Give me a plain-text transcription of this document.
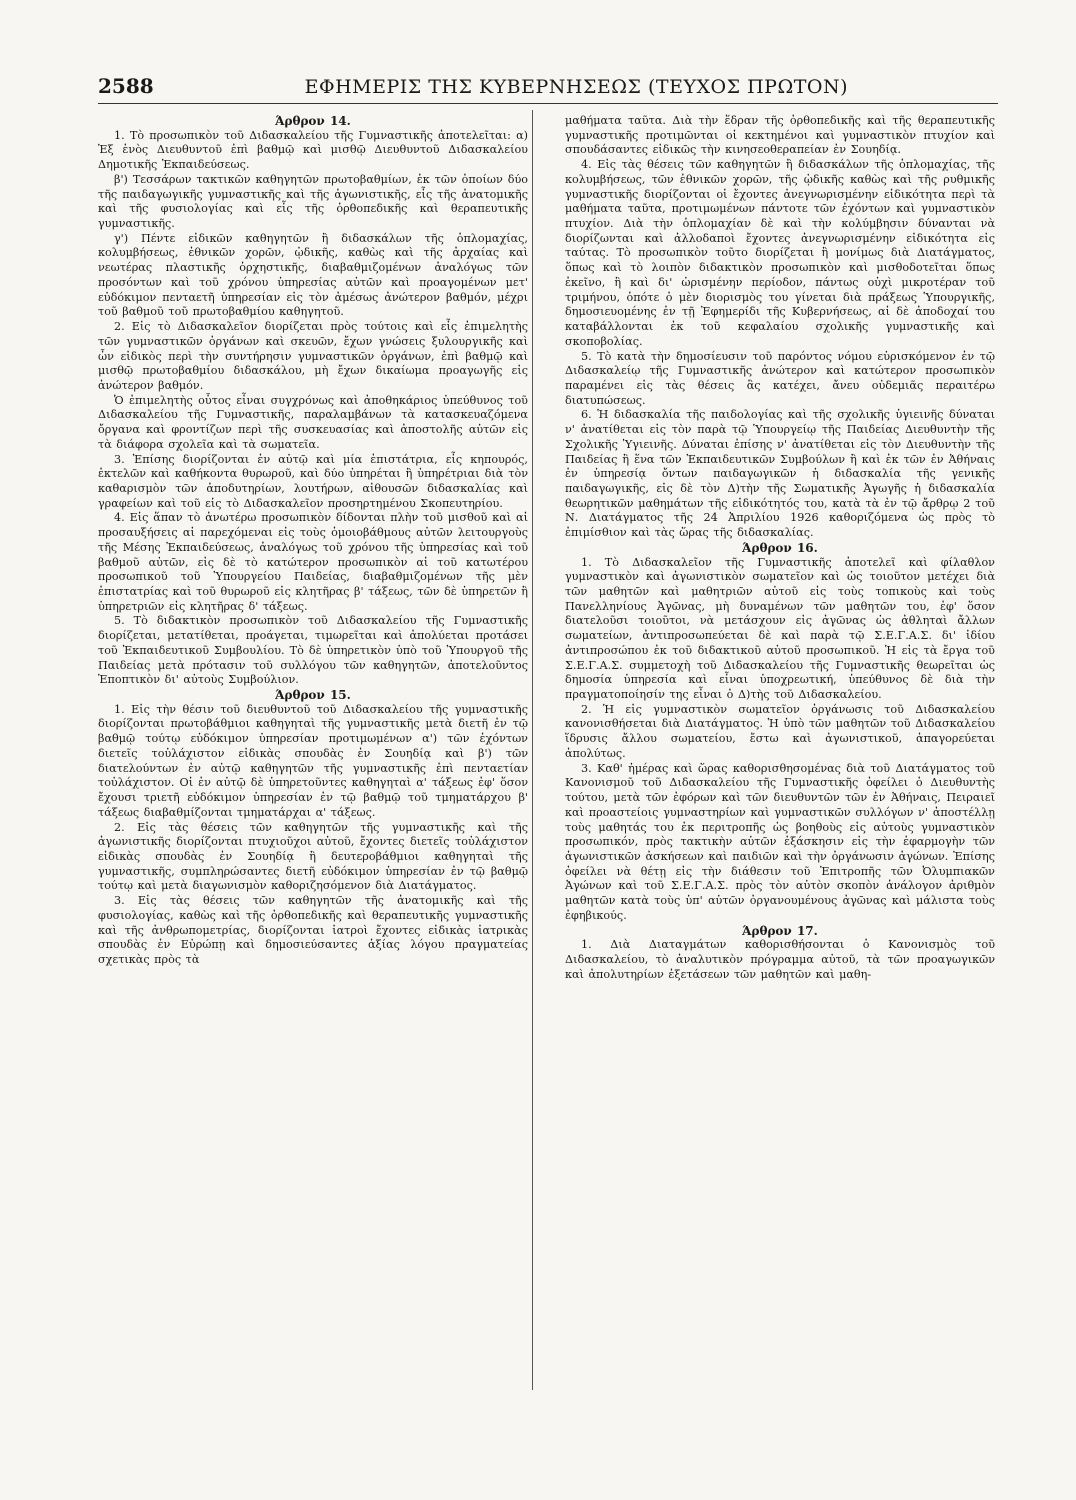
2588	ΕΦΗΜΕΡΙΣ ΤΗΣ ΚΥΒΕΡΝΗΣΕΩΣ (ΤΕΥΧΟΣ ΠΡΩΤΟΝ)
Άρθρον 14.

1. Τὸ προσωπικὸν τοῦ Διδασκαλείου τῆς Γυμναστικῆς ἀποτελεῖται: α) Ἐξ ἑνὸς Διευθυντοῦ ἐπὶ βαθμῷ καὶ μισθῷ Διευθυντοῦ Διδασκαλείου Δημοτικῆς Ἐκπαιδεύσεως.

β') Τεσσάρων τακτικῶν καθηγητῶν πρωτοβαθμίων, ἐκ τῶν ὁποίων δύο τῆς παιδαγωγικῆς γυμναστικῆς καὶ τῆς ἀγωνιστικῆς, εἷς τῆς ἀνατομικῆς καὶ τῆς φυσιολογίας καὶ εἷς τῆς ὀρθοπεδικῆς καὶ θεραπευτικῆς γυμναστικῆς.

γ') Πέντε εἰδικῶν καθηγητῶν ἢ διδασκάλων τῆς ὁπλομαχίας, κολυμβήσεως, ἐθνικῶν χορῶν, ᾠδικῆς, καθὼς καὶ τῆς ἀρχαίας καὶ νεωτέρας πλαστικῆς ὀρχηστικῆς, διαβαθμιζομένων ἀναλόγως τῶν προσόντων καὶ τοῦ χρόνου ὑπηρεσίας αὐτῶν καὶ προαγομένων μετ' εὐδόκιμον πενταετῆ ὑπηρεσίαν εἰς τὸν ἀμέσως ἀνώτερον βαθμόν, μέχρι τοῦ βαθμοῦ τοῦ πρωτοβαθμίου καθηγητοῦ.

2. Εἰς τὸ Διδασκαλεῖον διορίζεται πρὸς τούτοις καὶ εἷς ἐπιμελητὴς τῶν γυμναστικῶν ὀργάνων καὶ σκευῶν, ἔχων γνώσεις ξυλουργικῆς καὶ ὧν εἰδικὸς περὶ τὴν συντήρησιν γυμναστικῶν ὀργάνων, ἐπὶ βαθμῷ καὶ μισθῷ πρωτοβαθμίου διδασκάλου, μὴ ἔχων δικαίωμα προαγωγῆς εἰς ἀνώτερον βαθμόν.

Ὁ ἐπιμελητὴς οὗτος εἶναι συγχρόνως καὶ ἀποθηκάριος ὑπεύθυνος τοῦ Διδασκαλείου τῆς Γυμναστικῆς, παραλαμβάνων τὰ κατασκευαζόμενα ὄργανα καὶ φροντίζων περὶ τῆς συσκευασίας καὶ ἀποστολῆς αὐτῶν εἰς τὰ διάφορα σχολεῖα καὶ τὰ σωματεῖα.

3. Ἐπίσης διορίζονται ἐν αὐτῷ καὶ μία ἐπιστάτρια, εἷς κηπουρός, ἐκτελῶν καὶ καθήκοντα θυρωροῦ, καὶ δύο ὑπηρέται ἢ ὑπηρέτριαι διὰ τὸν καθαρισμὸν τῶν ἀποδυτηρίων, λουτήρων, αἰθουσῶν διδασκαλίας καὶ γραφείων καὶ τοῦ εἰς τὸ Διδασκαλεῖον προσηρτημένου Σκοπευτηρίου.

4. Εἰς ἅπαν τὸ ἀνωτέρω προσωπικὸν δίδονται πλὴν τοῦ μισθοῦ καὶ αἱ προσαυξήσεις αἱ παρεχόμεναι εἰς τοὺς ὁμοιοβάθμους αὐτῶν λειτουργοὺς τῆς Μέσης Ἐκπαιδεύσεως, ἀναλόγως τοῦ χρόνου τῆς ὑπηρεσίας καὶ τοῦ βαθμοῦ αὐτῶν, εἰς δὲ τὸ κατώτερον προσωπικὸν αἱ τοῦ κατωτέρου προσωπικοῦ τοῦ Ὑπουργείου Παιδείας, διαβαθμιζομένων τῆς μὲν ἐπιστατρίας καὶ τοῦ θυρωροῦ εἰς κλητῆρας β' τάξεως, τῶν δὲ ὑπηρετῶν ἢ ὑπηρετριῶν εἰς κλητῆρας δ' τάξεως.

5. Τὸ διδακτικὸν προσωπικὸν τοῦ Διδασκαλείου τῆς Γυμναστικῆς διορίζεται, μετατίθεται, προάγεται, τιμωρεῖται καὶ ἀπολύεται προτάσει τοῦ Ἐκπαιδευτικοῦ Συμβουλίου. Τὸ δὲ ὑπηρετικὸν ὑπὸ τοῦ Ὑπουργοῦ τῆς Παιδείας μετὰ πρότασιν τοῦ συλλόγου τῶν καθηγητῶν, ἀποτελοῦντος Ἐποπτικὸν δι' αὐτοὺς Συμβούλιον.

Άρθρον 15.

1. Εἰς τὴν θέσιν τοῦ διευθυντοῦ τοῦ Διδασκαλείου τῆς γυμναστικῆς διορίζονται πρωτοβάθμιοι καθηγηταὶ τῆς γυμναστικῆς μετὰ διετῆ ἐν τῷ βαθμῷ τούτῳ εὐδόκιμον ὑπηρεσίαν προτιμωμένων α') τῶν ἐχόντων διετεῖς τοὐλάχιστον εἰδικὰς σπουδὰς ἐν Σουηδίᾳ καὶ β') τῶν διατελούντων ἐν αὐτῷ καθηγητῶν τῆς γυμναστικῆς ἐπὶ πενταετίαν τοὐλάχιστον. Οἱ ἐν αὐτῷ δὲ ὑπηρετοῦντες καθηγηταὶ α' τάξεως ἐφ' ὅσον ἔχουσι τριετῆ εὐδόκιμον ὑπηρεσίαν ἐν τῷ βαθμῷ τοῦ τμηματάρχου β' τάξεως διαβαθμίζονται τμηματάρχαι α' τάξεως.

2. Εἰς τὰς θέσεις τῶν καθηγητῶν τῆς γυμναστικῆς καὶ τῆς ἀγωνιστικῆς διορίζονται πτυχιοῦχοι αὐτοῦ, ἔχοντες διετεῖς τοὐλάχιστον εἰδικὰς σπουδὰς ἐν Σουηδίᾳ ἢ δευτεροβάθμιοι καθηγηταὶ τῆς γυμναστικῆς, συμπληρώσαντες διετῆ εὐδόκιμον ὑπηρεσίαν ἐν τῷ βαθμῷ τούτῳ καὶ μετὰ διαγωνισμὸν καθοριζησόμενον διὰ Διατάγματος.

3. Εἰς τὰς θέσεις τῶν καθηγητῶν τῆς ἀνατομικῆς καὶ τῆς φυσιολογίας, καθὼς καὶ τῆς ὀρθοπεδικῆς καὶ θεραπευτικῆς γυμναστικῆς καὶ τῆς ἀνθρωπομετρίας, διορίζονται ἰατροὶ ἔχοντες εἰδικὰς ἰατρικὰς σπουδὰς ἐν Εὐρώπῃ καὶ δημοσιεύσαντες ἀξίας λόγου πραγματείας σχετικὰς πρὸς τὰ

μαθήματα ταῦτα. Διὰ τὴν ἕδραν τῆς ὀρθοπεδικῆς καὶ τῆς θεραπευτικῆς γυμναστικῆς προτιμῶνται οἱ κεκτημένοι καὶ γυμναστικὸν πτυχίον καὶ σπουδάσαντες εἰδικῶς τὴν κινησεοθεραπείαν ἐν Σουηδίᾳ.

4. Εἰς τὰς θέσεις τῶν καθηγητῶν ἢ διδασκάλων τῆς ὁπλομαχίας, τῆς κολυμβήσεως, τῶν ἐθνικῶν χορῶν, τῆς ᾠδικῆς καθὼς καὶ τῆς ρυθμικῆς γυμναστικῆς διορίζονται οἱ ἔχοντες ἀνεγνωρισμένην εἰδικότητα περὶ τὰ μαθήματα ταῦτα, προτιμωμένων πάντοτε τῶν ἐχόντων καὶ γυμναστικὸν πτυχίον. Διὰ τὴν ὁπλομαχίαν δὲ καὶ τὴν κολύμβησιν δύνανται νὰ διορίζωνται καὶ ἀλλοδαποὶ ἔχοντες ἀνεγνωρισμένην εἰδικότητα εἰς ταύτας. Τὸ προσωπικὸν τοῦτο διορίζεται ἢ μονίμως διὰ Διατάγματος, ὅπως καὶ τὸ λοιπὸν διδακτικὸν προσωπικὸν καὶ μισθοδοτεῖται ὅπως ἐκεῖνο, ἢ καὶ δι' ὡρισμένην περίοδον, πάντως οὐχὶ μικροτέραν τοῦ τριμήνου, ὁπότε ὁ μὲν διορισμὸς του γίνεται διὰ πράξεως Ὑπουργικῆς, δημοσιευομένης ἐν τῇ Ἐφημερίδι τῆς Κυβερνήσεως, αἱ δὲ ἀποδοχαί του καταβάλλονται ἐκ τοῦ κεφαλαίου σχολικῆς γυμναστικῆς καὶ σκοποβολίας.

5. Τὸ κατὰ τὴν δημοσίευσιν τοῦ παρόντος νόμου εὑρισκόμενον ἐν τῷ Διδασκαλείῳ τῆς Γυμναστικῆς ἀνώτερον καὶ κατώτερον προσωπικὸν παραμένει εἰς τὰς θέσεις ἃς κατέχει, ἄνευ οὐδεμιᾶς περαιτέρω διατυπώσεως.

6. Ἡ διδασκαλία τῆς παιδολογίας καὶ τῆς σχολικῆς ὑγιεινῆς δύναται ν' ἀνατίθεται εἰς τὸν παρὰ τῷ Ὑπουργείῳ τῆς Παιδείας Διευθυντὴν τῆς Σχολικῆς Ὑγιεινῆς. Δύναται ἐπίσης ν' ἀνατίθεται εἰς τὸν Διευθυντὴν τῆς Παιδείας ἢ ἕνα τῶν Ἐκπαιδευτικῶν Συμβούλων ἢ καὶ ἐκ τῶν ἐν Ἀθήναις ἐν ὑπηρεσίᾳ ὄντων παιδαγωγικῶν ἡ διδασκαλία τῆς γενικῆς παιδαγωγικῆς, εἰς δὲ τὸν Δ)τὴν τῆς Σωματικῆς Ἀγωγῆς ἡ διδασκαλία θεωρητικῶν μαθημάτων τῆς εἰδικότητός του, κατὰ τὰ ἐν τῷ ἄρθρῳ 2 τοῦ Ν. Διατάγματος τῆς 24 Ἀπριλίου 1926 καθοριζόμενα ὡς πρὸς τὸ ἐπιμίσθιον καὶ τὰς ὥρας τῆς διδασκαλίας.

Άρθρον 16.

1. Τὸ Διδασκαλεῖον τῆς Γυμναστικῆς ἀποτελεῖ καὶ φίλαθλον γυμναστικὸν καὶ ἀγωνιστικὸν σωματεῖον καὶ ὡς τοιοῦτον μετέχει διὰ τῶν μαθητῶν καὶ μαθητριῶν αὐτοῦ εἰς τοὺς τοπικοὺς καὶ τοὺς Πανελληνίους Ἀγῶνας, μὴ δυναμένων τῶν μαθητῶν του, ἐφ' ὅσον διατελοῦσι τοιοῦτοι, νὰ μετάσχουν εἰς ἀγῶνας ὡς ἀθληταὶ ἄλλων σωματείων, ἀντιπροσωπεύεται δὲ καὶ παρὰ τῷ Σ.Ε.Γ.Α.Σ. δι' ἰδίου ἀντιπροσώπου ἐκ τοῦ διδακτικοῦ αὐτοῦ προσωπικοῦ. Ἡ εἰς τὰ ἔργα τοῦ Σ.Ε.Γ.Α.Σ. συμμετοχὴ τοῦ Διδασκαλείου τῆς Γυμναστικῆς θεωρεῖται ὡς δημοσία ὑπηρεσία καὶ εἶναι ὑποχρεωτική, ὑπεύθυνος δὲ διὰ τὴν πραγματοποίησίν της εἶναι ὁ Δ)τὴς τοῦ Διδασκαλείου.

2. Ἡ εἰς γυμναστικὸν σωματεῖον ὀργάνωσις τοῦ Διδασκαλείου κανονισθήσεται διὰ Διατάγματος. Ἡ ὑπὸ τῶν μαθητῶν τοῦ Διδασκαλείου ἵδρυσις ἄλλου σωματείου, ἔστω καὶ ἀγωνιστικοῦ, ἀπαγορεύεται ἀπολύτως.

3. Καθ' ἡμέρας καὶ ὥρας καθορισθησομένας διὰ τοῦ Διατάγματος τοῦ Κανονισμοῦ τοῦ Διδασκαλείου τῆς Γυμναστικῆς ὀφείλει ὁ Διευθυντὴς τούτου, μετὰ τῶν ἐφόρων καὶ τῶν διευθυντῶν τῶν ἐν Ἀθήναις, Πειραιεῖ καὶ προαστείοις γυμναστηρίων καὶ γυμναστικῶν συλλόγων ν' ἀποστέλλῃ τοὺς μαθητάς του ἐκ περιτροπῆς ὡς βοηθοὺς εἰς αὐτοὺς γυμναστικὸν προσωπικόν, πρὸς τακτικὴν αὐτῶν ἐξάσκησιν εἰς τὴν ἐφαρμογὴν τῶν ἀγωνιστικῶν ἀσκήσεων καὶ παιδιῶν καὶ τὴν ὀργάνωσιν ἀγώνων. Ἐπίσης ὀφείλει νὰ θέτῃ εἰς τὴν διάθεσιν τοῦ Ἐπιτροπῆς τῶν Ὀλυμπιακῶν Ἀγώνων καὶ τοῦ Σ.Ε.Γ.Α.Σ. πρὸς τὸν αὐτὸν σκοπὸν ἀνάλογον ἀριθμὸν μαθητῶν κατὰ τοὺς ὑπ' αὐτῶν ὀργανουμένους ἀγῶνας καὶ μάλιστα τοὺς ἐφηβικούς.

Άρθρον 17.

1. Διὰ Διαταγμάτων καθορισθήσονται ὁ Κανονισμὸς τοῦ Διδασκαλείου, τὸ ἀναλυτικὸν πρόγραμμα αὐτοῦ, τὰ τῶν προαγωγικῶν καὶ ἀπολυτηρίων ἐξετάσεων τῶν μαθητῶν καὶ μαθη-
